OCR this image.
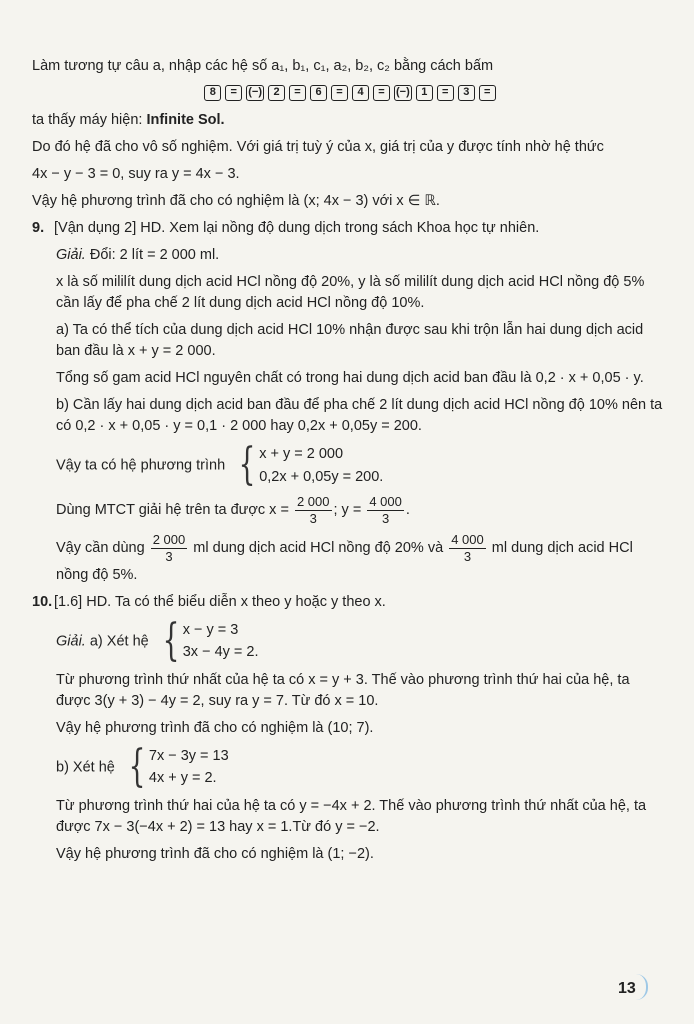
Làm tương tự câu a, nhập các hệ số a₁, b₁, c₁, a₂, b₂, c₂ bằng cách bấm

8 = (−) 2 = 6 = 4 = (−) 1 = 3 =

ta thấy máy hiện: Infinite Sol.

Do đó hệ đã cho vô số nghiệm. Với giá trị tuỳ ý của x, giá trị của y được tính nhờ hệ thức

4x − y − 3 = 0, suy ra y = 4x − 3.

Vậy hệ phương trình đã cho có nghiệm là (x; 4x − 3) với x ∈ ℝ.

9. [Vận dụng 2] HD. Xem lại nồng độ dung dịch trong sách Khoa học tự nhiên.

Giải. Đổi: 2 lít = 2 000 ml.

x là số mililít dung dịch acid HCl nồng độ 20%, y là số mililít dung dịch acid HCl nồng độ 5% cần lấy để pha chế 2 lít dung dịch acid HCl nồng độ 10%.

a) Ta có thể tích của dung dịch acid HCl 10% nhận được sau khi trộn lẫn hai dung dịch acid ban đầu là x + y = 2 000.

Tổng số gam acid HCl nguyên chất có trong hai dung dịch acid ban đầu là 0,2 · x + 0,05 · y.

b) Cần lấy hai dung dịch acid ban đầu để pha chế 2 lít dung dịch acid HCl nồng độ 10% nên ta có 0,2 · x + 0,05 · y = 0,1 · 2 000 hay 0,2x + 0,05y = 200.

Vậy ta có hệ phương trình { x + y = 2 000
0,2x + 0,05y = 200.

Dùng MTCT giải hệ trên ta được $x = \frac{2 000}{3}$ ; $y = \frac{4 000}{3}$ .

Vậy cần dùng $\frac{2 000}{3}$ ml dung dịch acid HCl nồng độ 20% và $\frac{4 000}{3}$ ml dung dịch acid HCl
nồng độ 5%.

10. [1.6] HD. Ta có thể biểu diễn x theo y hoặc y theo x.

Giải. a) Xét hệ { x − y = 3
3x − 4y = 2.

Từ phương trình thứ nhất của hệ ta có x = y + 3. Thế vào phương trình thứ hai của hệ, ta được 3(y + 3) − 4y = 2, suy ra y = 7. Từ đó x = 10.

Vậy hệ phương trình đã cho có nghiệm là (10; 7).

b) Xét hệ { 7x − 3y = 13
4x + y = 2.

Từ phương trình thứ hai của hệ ta có y = −4x + 2. Thế vào phương trình thứ nhất của hệ, ta được 7x − 3(−4x + 2) = 13 hay x = 1.Từ đó y = −2.

Vậy hệ phương trình đã cho có nghiệm là (1; −2).

13
